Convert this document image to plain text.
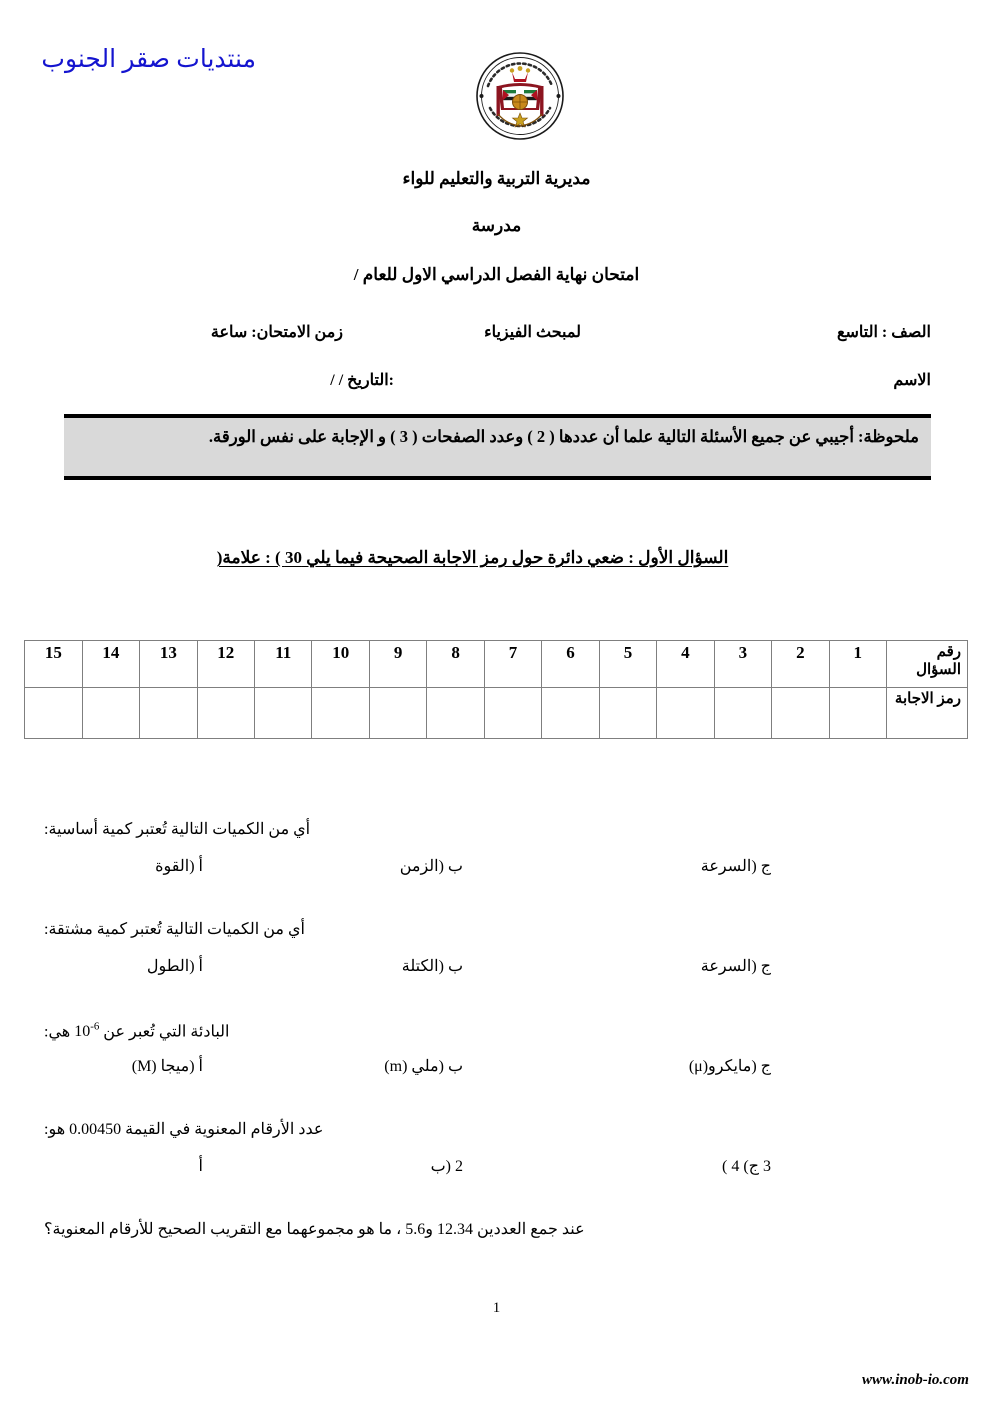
منتديات صقر الجنوب
مديرية التربية والتعليم للواء
مدرسة
امتحان نهاية الفصل الدراسي الاول للعام /
الصف : التاسع
لمبحث الفيزياء
زمن الامتحان: ساعة
الاسم
:التاريخ / /
ملحوظة: أجيبي عن جميع الأسئلة التالية علما أن عددها ( 2 ) وعدد الصفحات ( 3 ) و الإجابة على نفس الورقة.
السؤال الأول : ضعي دائرة حول رمز الاجابة الصحيحة فيما يلي 30 ) : علامة(
رقم السؤال	1	2	3	4	5	6	7	8	9	10	11	12	13	14	15
رمز الاجابة															
أي من الكميات التالية تُعتبر كمية أساسية:
أ (القوة	ب (الزمن	ج (السرعة
أي من الكميات التالية تُعتبر كمية مشتقة:
أ (الطول	ب (الكتلة	ج (السرعة
البادئة التي تُعبر عن $10^{-6}$ هي:
أ (ميجا (M)	ب (ملي (m)	ج (مايكرو(μ)
عدد الأرقام المعنوية في القيمة 0.00450 هو:
أ	2 (ب	3 ج) 4 )
عند جمع العددين 12.34 و5.6 ، ما هو مجموعهما مع التقريب الصحيح للأرقام المعنوية؟
1
www.inob-io.com
